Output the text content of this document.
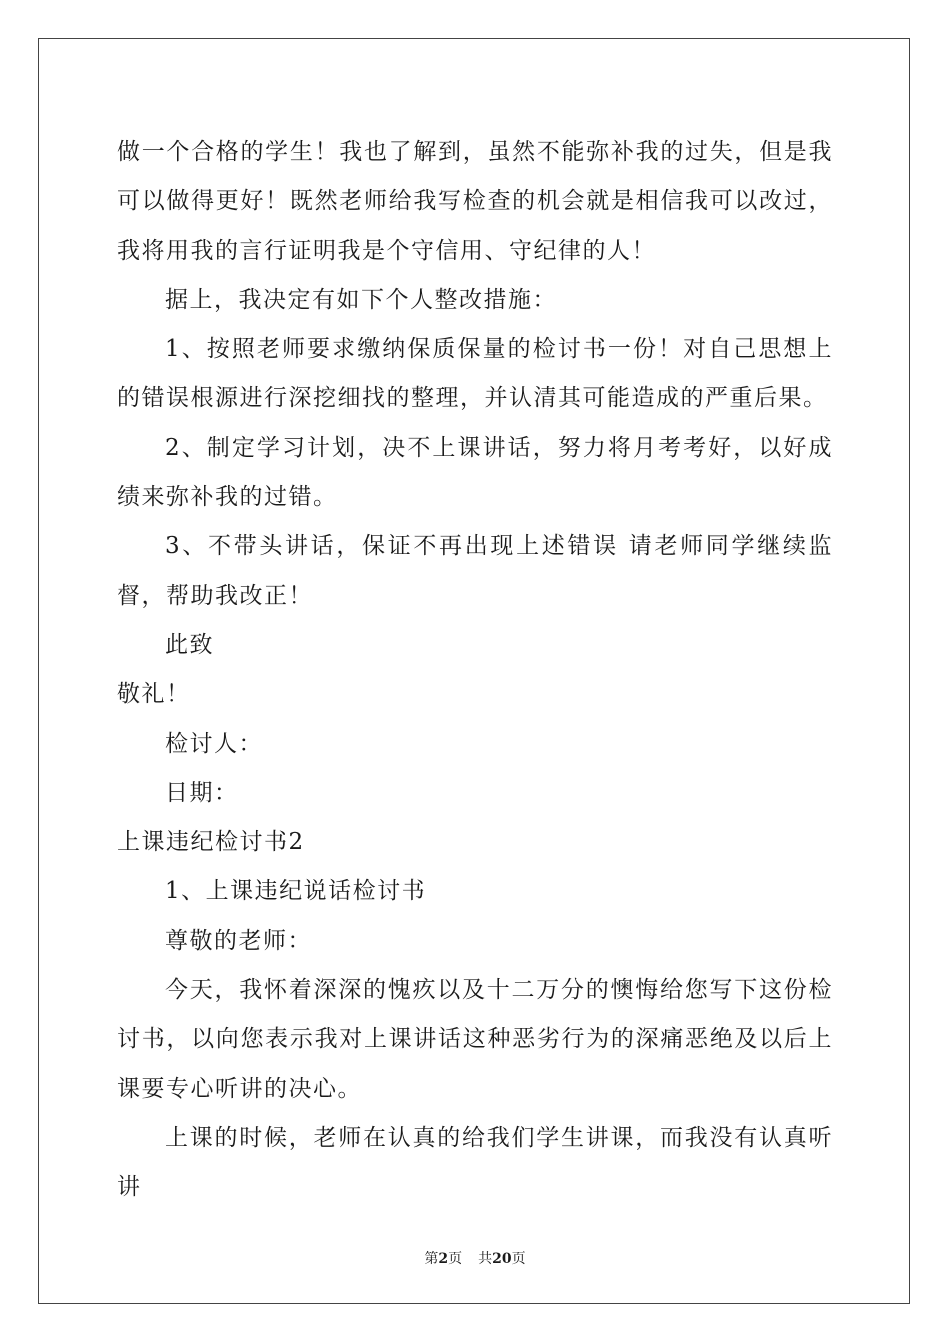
做一个合格的学生！我也了解到，虽然不能弥补我的过失，但是我可以做得更好！既然老师给我写检查的机会就是相信我可以改过，我将用我的言行证明我是个守信用、守纪律的人！

据上，我决定有如下个人整改措施：

1、按照老师要求缴纳保质保量的检讨书一份！对自己思想上的错误根源进行深挖细找的整理，并认清其可能造成的严重后果。

2、制定学习计划，决不上课讲话，努力将月考考好，以好成绩来弥补我的过错。

3、不带头讲话，保证不再出现上述错误 请老师同学继续监督，帮助我改正！

此致

敬礼！

检讨人：

日期：

上课违纪检讨书2

1、上课违纪说话检讨书

尊敬的老师：

今天，我怀着深深的愧疚以及十二万分的懊悔给您写下这份检讨书，以向您表示我对上课讲话这种恶劣行为的深痛恶绝及以后上课要专心听讲的决心。

上课的时候，老师在认真的给我们学生讲课，而我没有认真听讲

第2页 共20页
